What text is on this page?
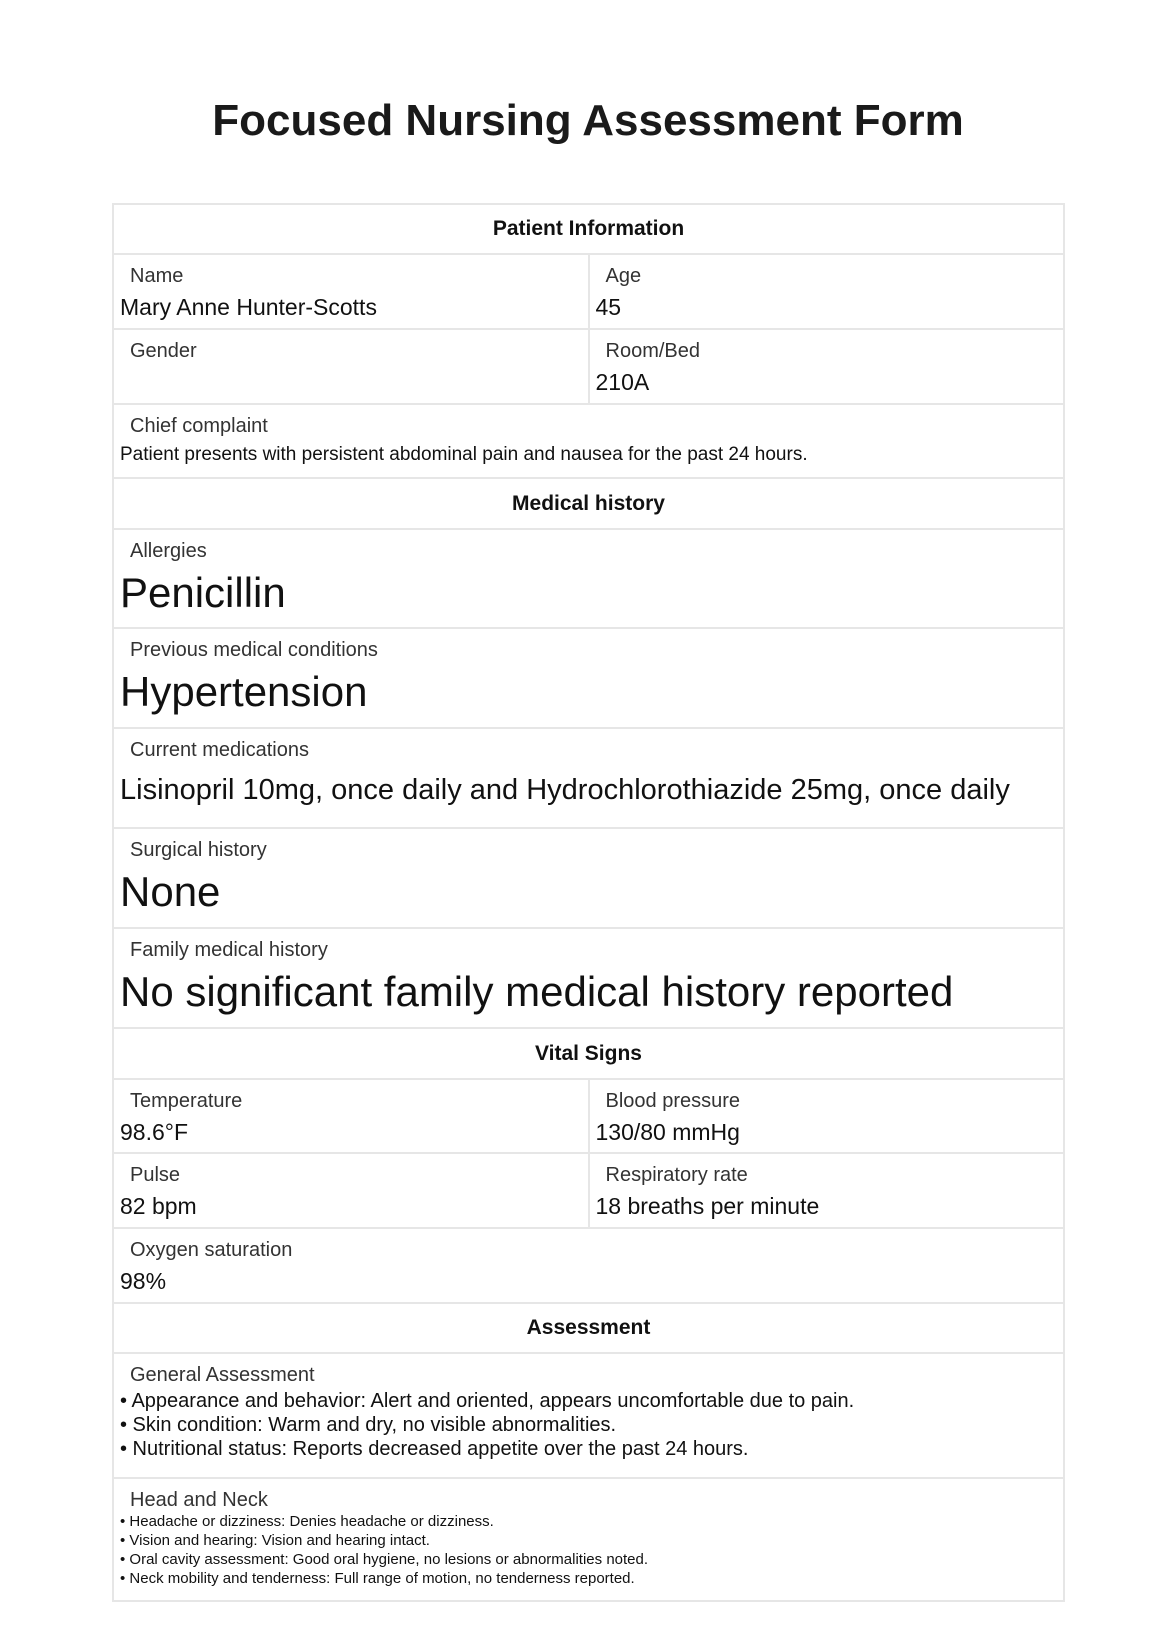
Focused Nursing Assessment Form
Patient Information
Name
Mary Anne Hunter-Scotts
Age
45
Gender	Room/Bed
210A
Chief complaint
Patient presents with persistent abdominal pain and nausea for the past 24 hours.
Medical history
Allergies
Penicillin
Previous medical conditions
Hypertension
Current medications
Lisinopril 10mg, once daily and Hydrochlorothiazide 25mg, once daily
Surgical history
None
Family medical history
No significant family medical history reported
Vital Signs
Temperature
98.6°F
Blood pressure
130/80 mmHg
Pulse
82 bpm
Respiratory rate
18 breaths per minute
Oxygen saturation
98%
Assessment
General Assessment
• Appearance and behavior: Alert and oriented, appears uncomfortable due to pain.
• Skin condition: Warm and dry, no visible abnormalities.
• Nutritional status: Reports decreased appetite over the past 24 hours.
Head and Neck
• Headache or dizziness: Denies headache or dizziness.
• Vision and hearing: Vision and hearing intact.
• Oral cavity assessment: Good oral hygiene, no lesions or abnormalities noted.
• Neck mobility and tenderness: Full range of motion, no tenderness reported.
